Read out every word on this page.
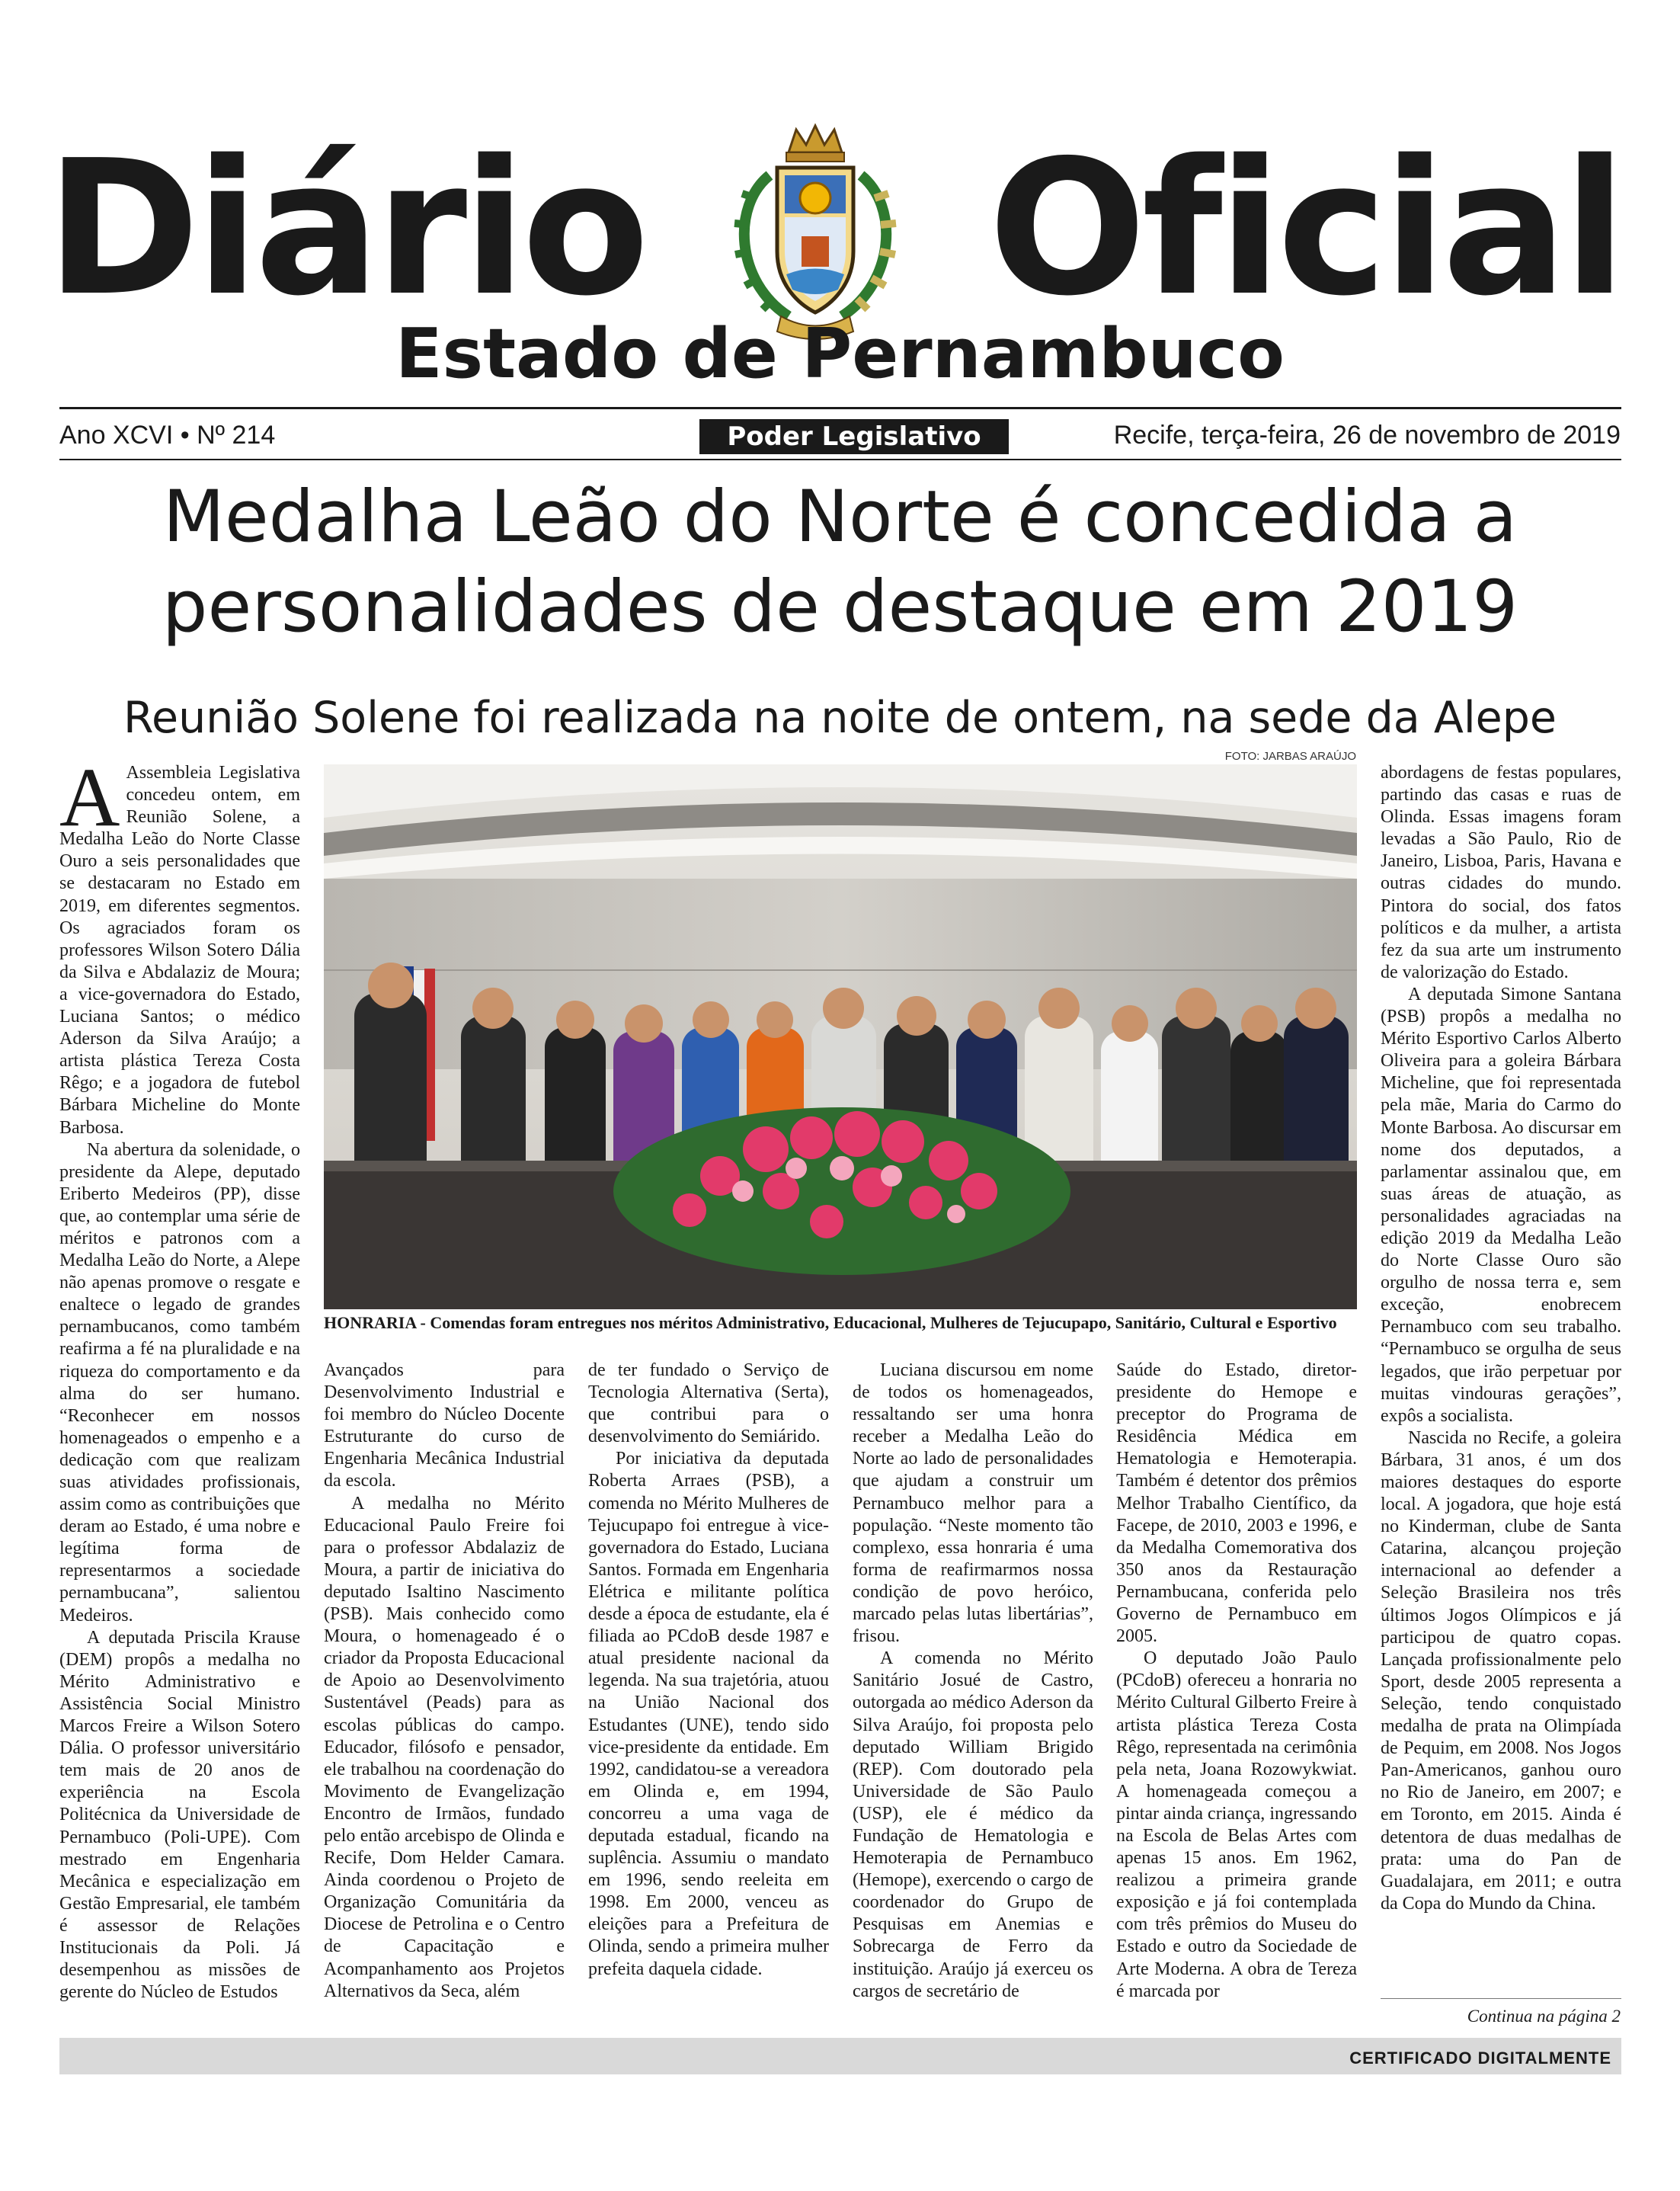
Diário Oficial
Estado de Pernambuco
Ano XCVI • Nº 214	Poder Legislativo	Recife, terça-feira, 26 de novembro de 2019
Medalha Leão do Norte é concedida a
personalidades de destaque em 2019
Reunião Solene foi realizada na noite de ontem, na sede da Alepe
FOTO: JARBAS ARAÚJO
HONRARIA - Comendas foram entregues nos méritos Administrativo, Educacional, Mulheres de Tejucupapo, Sanitário, Cultural e Esportivo

A Assembleia Legislativa concedeu ontem, em Reunião Solene, a Medalha Leão do Norte Classe Ouro a seis personalidades que se destacaram no Estado em 2019, em diferentes segmentos. Os agraciados foram os professores Wilson Sotero Dália da Silva e Abdalaziz de Moura; a vice-governadora do Estado, Luciana Santos; o médico Aderson da Silva Araújo; a artista plástica Tereza Costa Rêgo; e a jogadora de futebol Bárbara Micheline do Monte Barbosa.

Na abertura da solenidade, o presidente da Alepe, deputado Eriberto Medeiros (PP), disse que, ao contemplar uma série de méritos e patronos com a Medalha Leão do Norte, a Alepe não apenas promove o resgate e enaltece o legado de grandes pernambucanos, como também reafirma a fé na pluralidade e na riqueza do comportamento e da alma do ser humano. “Reconhecer em nossos homenageados o empenho e a dedicação com que realizam suas atividades profissionais, assim como as contribuições que deram ao Estado, é uma nobre e legítima forma de representarmos a sociedade pernambucana”, salientou Medeiros.

A deputada Priscila Krause (DEM) propôs a medalha no Mérito Administrativo e Assistência Social Ministro Marcos Freire a Wilson Sotero Dália. O professor universitário tem mais de 20 anos de experiência na Escola Politécnica da Universidade de Pernambuco (Poli-UPE). Com mestrado em Engenharia Mecânica e especialização em Gestão Empresarial, ele também é assessor de Relações Institucionais da Poli. Já desempenhou as missões de gerente do Núcleo de Estudos

Avançados para Desenvolvimento Industrial e foi membro do Núcleo Docente Estruturante do curso de Engenharia Mecânica Industrial da escola.

A medalha no Mérito Educacional Paulo Freire foi para o professor Abdalaziz de Moura, a partir de iniciativa do deputado Isaltino Nascimento (PSB). Mais conhecido como Moura, o homenageado é o criador da Proposta Educacional de Apoio ao Desenvolvimento Sustentável (Peads) para as escolas públicas do campo. Educador, filósofo e pensador, ele trabalhou na coordenação do Movimento de Evangelização Encontro de Irmãos, fundado pelo então arcebispo de Olinda e Recife, Dom Helder Camara. Ainda coordenou o Projeto de Organização Comunitária da Diocese de Petrolina e o Centro de Capacitação e Acompanhamento aos Projetos Alternativos da Seca, além

de ter fundado o Serviço de Tecnologia Alternativa (Serta), que contribui para o desenvolvimento do Semiárido.

Por iniciativa da deputada Roberta Arraes (PSB), a comenda no Mérito Mulheres de Tejucupapo foi entregue à vice-governadora do Estado, Luciana Santos. Formada em Engenharia Elétrica e militante política desde a época de estudante, ela é filiada ao PCdoB desde 1987 e atual presidente nacional da legenda. Na sua trajetória, atuou na União Nacional dos Estudantes (UNE), tendo sido vice-presidente da entidade. Em 1992, candidatou-se a vereadora em Olinda e, em 1994, concorreu a uma vaga de deputada estadual, ficando na suplência. Assumiu o mandato em 1996, sendo reeleita em 1998. Em 2000, venceu as eleições para a Prefeitura de Olinda, sendo a primeira mulher prefeita daquela cidade.

Luciana discursou em nome de todos os homenageados, ressaltando ser uma honra receber a Medalha Leão do Norte ao lado de personalidades que ajudam a construir um Pernambuco melhor para a população. “Neste momento tão complexo, essa honraria é uma forma de reafirmarmos nossa condição de povo heróico, marcado pelas lutas libertárias”, frisou.

A comenda no Mérito Sanitário Josué de Castro, outorgada ao médico Aderson da Silva Araújo, foi proposta pelo deputado William Brigido (REP). Com doutorado pela Universidade de São Paulo (USP), ele é médico da Fundação de Hematologia e Hemoterapia de Pernambuco (Hemope), exercendo o cargo de coordenador do Grupo de Pesquisas em Anemias e Sobrecarga de Ferro da instituição. Araújo já exerceu os cargos de secretário de

Saúde do Estado, diretor-presidente do Hemope e preceptor do Programa de Residência Médica em Hematologia e Hemoterapia. Também é detentor dos prêmios Melhor Trabalho Científico, da Facepe, de 2010, 2003 e 1996, e da Medalha Comemorativa dos 350 anos da Restauração Pernambucana, conferida pelo Governo de Pernambuco em 2005.

O deputado João Paulo (PCdoB) ofereceu a honraria no Mérito Cultural Gilberto Freire à artista plástica Tereza Costa Rêgo, representada na cerimônia pela neta, Joana Rozowykwiat. A homenageada começou a pintar ainda criança, ingressando na Escola de Belas Artes com apenas 15 anos. Em 1962, realizou a primeira grande exposição e já foi contemplada com três prêmios do Museu do Estado e outro da Sociedade de Arte Moderna. A obra de Tereza é marcada por

abordagens de festas populares, partindo das casas e ruas de Olinda. Essas imagens foram levadas a São Paulo, Rio de Janeiro, Lisboa, Paris, Havana e outras cidades do mundo. Pintora do social, dos fatos políticos e da mulher, a artista fez da sua arte um instrumento de valorização do Estado.

A deputada Simone Santana (PSB) propôs a medalha no Mérito Esportivo Carlos Alberto Oliveira para a goleira Bárbara Micheline, que foi representada pela mãe, Maria do Carmo do Monte Barbosa. Ao discursar em nome dos deputados, a parlamentar assinalou que, em suas áreas de atuação, as personalidades agraciadas na edição 2019 da Medalha Leão do Norte Classe Ouro são orgulho de nossa terra e, sem exceção, enobrecem Pernambuco com seu trabalho. “Pernambuco se orgulha de seus legados, que irão perpetuar por muitas vindouras gerações”, expôs a socialista.

Nascida no Recife, a goleira Bárbara, 31 anos, é um dos maiores destaques do esporte local. A jogadora, que hoje está no Kinderman, clube de Santa Catarina, alcançou projeção internacional ao defender a Seleção Brasileira nos três últimos Jogos Olímpicos e já participou de quatro copas. Lançada profissionalmente pelo Sport, desde 2005 representa a Seleção, tendo conquistado medalha de prata na Olimpíada de Pequim, em 2008. Nos Jogos Pan-Americanos, ganhou ouro no Rio de Janeiro, em 2007; e em Toronto, em 2015. Ainda é detentora de duas medalhas de prata: uma do Pan de Guadalajara, em 2011; e outra da Copa do Mundo da China.

Continua na página 2
CERTIFICADO DIGITALMENTE
